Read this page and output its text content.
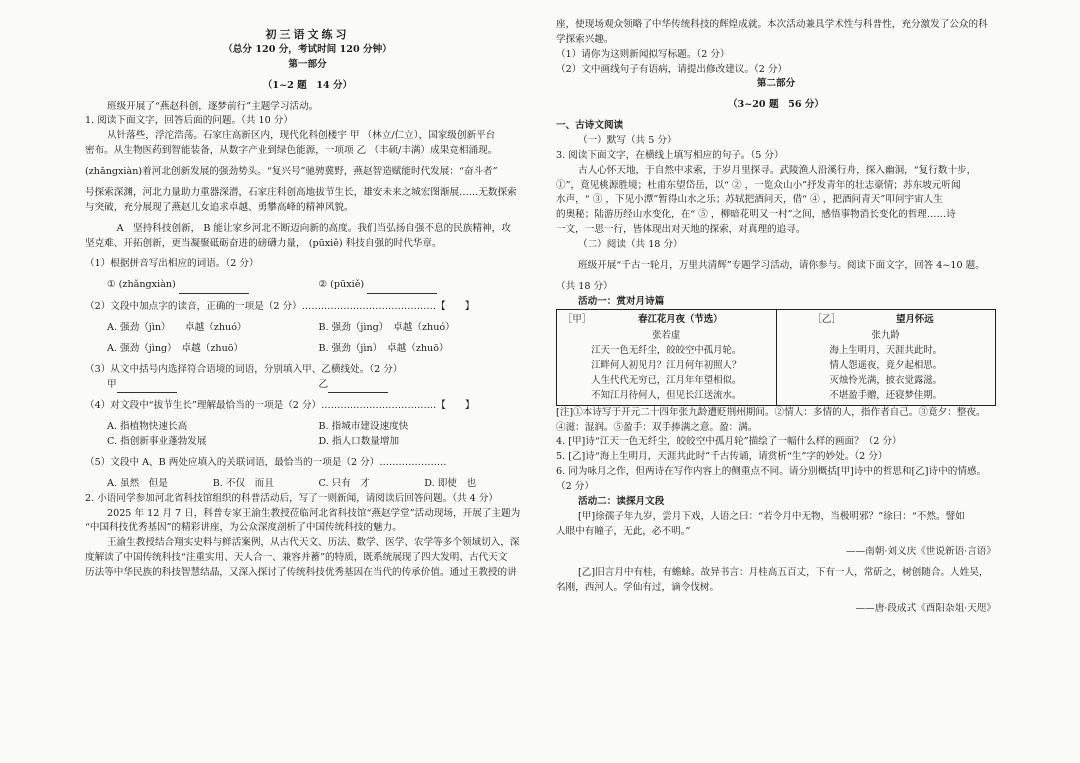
初三语文练习

（总分 120 分，考试时间 120 分钟）

第一部分

（1~2 题　14 分）

班级开展了“燕赵科创，逐梦前行”主题学习活动。

1. 阅读下面文字，回答后面的问题。（共 10 分）

从针落些，浮沱浩荡。石家庄高新区内，现代化科创楼宇 甲 （林立/仁立），国家级创新平台

密布。从生物医药到智能装备，从数字产业到绿色能源，一项项 乙 （丰硕/丰满）成果竞相涌现。

(zhǎngxiàn)着河北创新发展的强劲势头。“复兴号”驰骋冀野，燕赵智造赋能时代发展：“奋斗者”

号探索深渊，河北力量助力重器深潜，石家庄科创高地拔节生长，雄安未来之城宏图渐展……无数探索

与突破，充分展现了燕赵儿女追求卓越、勇攀高峰的精神风貌。

　A　坚持科技创新， B 能让家乡河北不断迈向新的高度。我们当弘扬自强不息的民族精神，攻

坚克难、开拓创新，更当凝聚砥砺奋进的磅礴力量， (pūxiě) 科技自强的时代华章。

（1）根据拼音写出相应的词语。（2 分）

① (zhǎngxiàn)	② (pūxiě)

（2）文段中加点字的读音，正确的一项是（2 分）……………………………………【　　】

A. 强劲（jìn）　　卓越（zhuó）	B. 强劲（jìng）　卓越（zhuó）

A. 强劲（jìng）　卓越（zhuō）	B. 强劲（jìn）　卓越（zhuō）

（3）从文中括号内选择符合语境的词语，分别填入甲、乙横线处。（2 分）

甲	乙

（4）对文段中“拔节生长”理解最恰当的一项是（2 分）………………………………【　　】

A. 指植物快速长高	B. 指城市建设速度快

C. 指创新事业蓬勃发展	D. 指人口数量增加

（5）文段中 A、B 两处应填入的关联词语，最恰当的一项是（2 分）…………………

A. 虽然　但是	B. 不仅　而且	C. 只有　才	D. 即使　也

2. 小语同学参加河北省科技馆组织的科普活动后，写了一则新闻，请阅读后回答问题。（共 4 分）

2025 年 12 月 7 日，科普专家王渝生教授莅临河北省科技馆“燕赵学堂”活动现场，开展了主题为

“中国科技优秀基因”的精彩讲座，为公众深度剖析了中国传统科技的魅力。

王渝生教授结合翔实史料与鲜活案例，从古代天文、历法、数学、医学、农学等多个领域切入，深

度解读了中国传统科技“注重实用、天人合一、兼容并蓄”的特质，既系统展现了四大发明、古代天文

历法等中华民族的科技智慧结晶，又深入探讨了传统科技优秀基因在当代的传承价值。通过王教授的讲

座，使现场观众领略了中华传统科技的辉煌成就。本次活动兼具学术性与科普性，充分激发了公众的科

学探索兴趣。

（1）请你为这则新闻拟写标题。（2 分）

（2）文中画线句子有语病，请提出修改建议。（2 分）

第二部分

（3~20 题　56 分）

一、古诗文阅读

（一）默写（共 5 分）

3. 阅读下面文字，在横线上填写相应的句子。（5 分）

古人心怀天地，于自然中求索，于岁月里探寻。武陵渔人沿溪行舟，探入幽洞，“复行数十步，

①”，竟见桃源胜境；杜甫东望岱岳，以“ ② ，一览众山小”抒发青年的壮志豪情；苏东坡元听闻

水声，“ ③ ，下见小潭”暂得山水之乐；苏轼把酒问天，借“ ④ ，把酒问青天”叩问宇宙人生

的奥秘；陆游历经山水变化，在“ ⑤ ，柳暗花明又一村”之间，感悟事物消长变化的哲理……诗

一文，一思一行，皆体现出对天地的探索，对真理的追寻。

（二）阅读（共 18 分）

班级开展“千古一轮月，万里共清辉”专题学习活动，请你参与。阅读下面文字，回答 4~10 题。

（共 18 分）

活动一：赏对月诗篇

［甲］	春江花月夜（节选）
张若虚
江天一色无纤尘，皎皎空中孤月轮。
江畔何人初见月？江月何年初照人？
人生代代无穷已，江月年年望相似。
不知江月待何人，但见长江送流水。

［乙］	望月怀远
张九龄
海上生明月，天涯共此时。
情人怨遥夜，竟夕起相思。
灭烛怜光满，披衣觉露滋。
不堪盈手赠，还寝梦佳期。

[注]①本诗写于开元二十四年张九龄遭贬荆州期间。②情人：多情的人，指作者自己。③竟夕：整夜。

④滋：湿润。⑤盈手：双手捧满之意。盈：满。

4. [甲]诗“江天一色无纤尘，皎皎空中孤月轮”描绘了一幅什么样的画面？（2 分）

5. [乙]诗“海上生明月，天涯共此时”千古传诵，请赏析“生”字的妙处。（2 分）

6. 同为咏月之作，但两诗在写作内容上的侧重点不同。请分别概括[甲]诗中的哲思和[乙]诗中的情感。

（2 分）

活动二：读探月文段

[甲]徐孺子年九岁，尝月下戏，人语之曰：“若令月中无物，当极明邪？”徐曰：“不然。譬如

人眼中有瞳子，无此，必不明。”

——南朝·刘义庆《世说新语·言语》

[乙]旧言月中有桂，有蟾蜍。故异书言：月桂高五百丈，下有一人，常斫之，树创随合。人姓吴，

名刚，西河人。学仙有过，谪令伐树。

——唐·段成式《酉阳杂俎·天咫》
